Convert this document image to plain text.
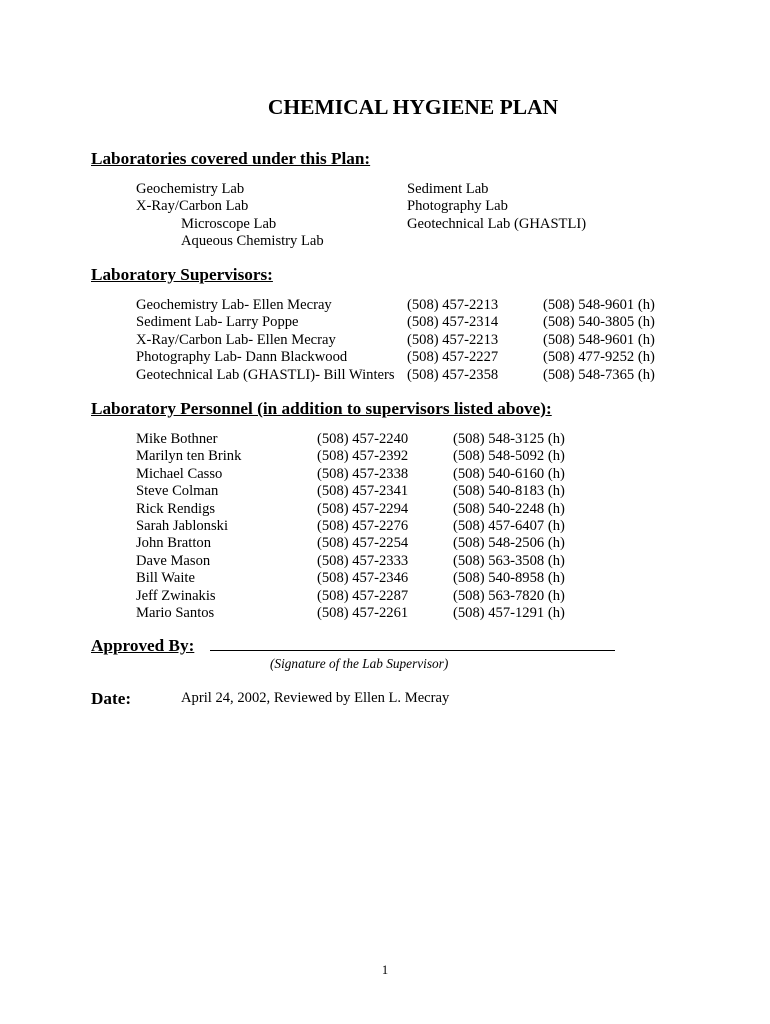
CHEMICAL HYGIENE PLAN
Laboratories covered under this Plan:
Geochemistry Lab
X-Ray/Carbon Lab
Microscope Lab
Aqueous Chemistry Lab
Sediment Lab
Photography Lab
Geotechnical Lab (GHASTLI)
Laboratory Supervisors:
Geochemistry Lab- Ellen Mecray
Sediment Lab- Larry Poppe
X-Ray/Carbon Lab- Ellen Mecray
Photography Lab- Dann Blackwood
Geotechnical Lab (GHASTLI)- Bill Winters
(508) 457-2213
(508) 457-2314
(508) 457-2213
(508) 457-2227
(508) 457-2358
(508) 548-9601 (h)
(508) 540-3805 (h)
(508) 548-9601 (h)
(508) 477-9252 (h)
(508) 548-7365 (h)
Laboratory Personnel (in addition to supervisors listed above):
Mike Bothner
Marilyn ten Brink
Michael Casso
Steve Colman
Rick Rendigs
Sarah Jablonski
John Bratton
Dave Mason
Bill Waite
Jeff Zwinakis
Mario Santos
(508) 457-2240
(508) 457-2392
(508) 457-2338
(508) 457-2341
(508) 457-2294
(508) 457-2276
(508) 457-2254
(508) 457-2333
(508) 457-2346
(508) 457-2287
(508) 457-2261
(508) 548-3125 (h)
(508) 548-5092 (h)
(508) 540-6160 (h)
(508) 540-8183 (h)
(508) 540-2248 (h)
(508) 457-6407 (h)
(508) 548-2506 (h)
(508) 563-3508 (h)
(508) 540-8958 (h)
(508) 563-7820 (h)
(508) 457-1291 (h)
Approved By:
(Signature of the Lab Supervisor)
Date:	April 24, 2002, Reviewed by Ellen L. Mecray
1
